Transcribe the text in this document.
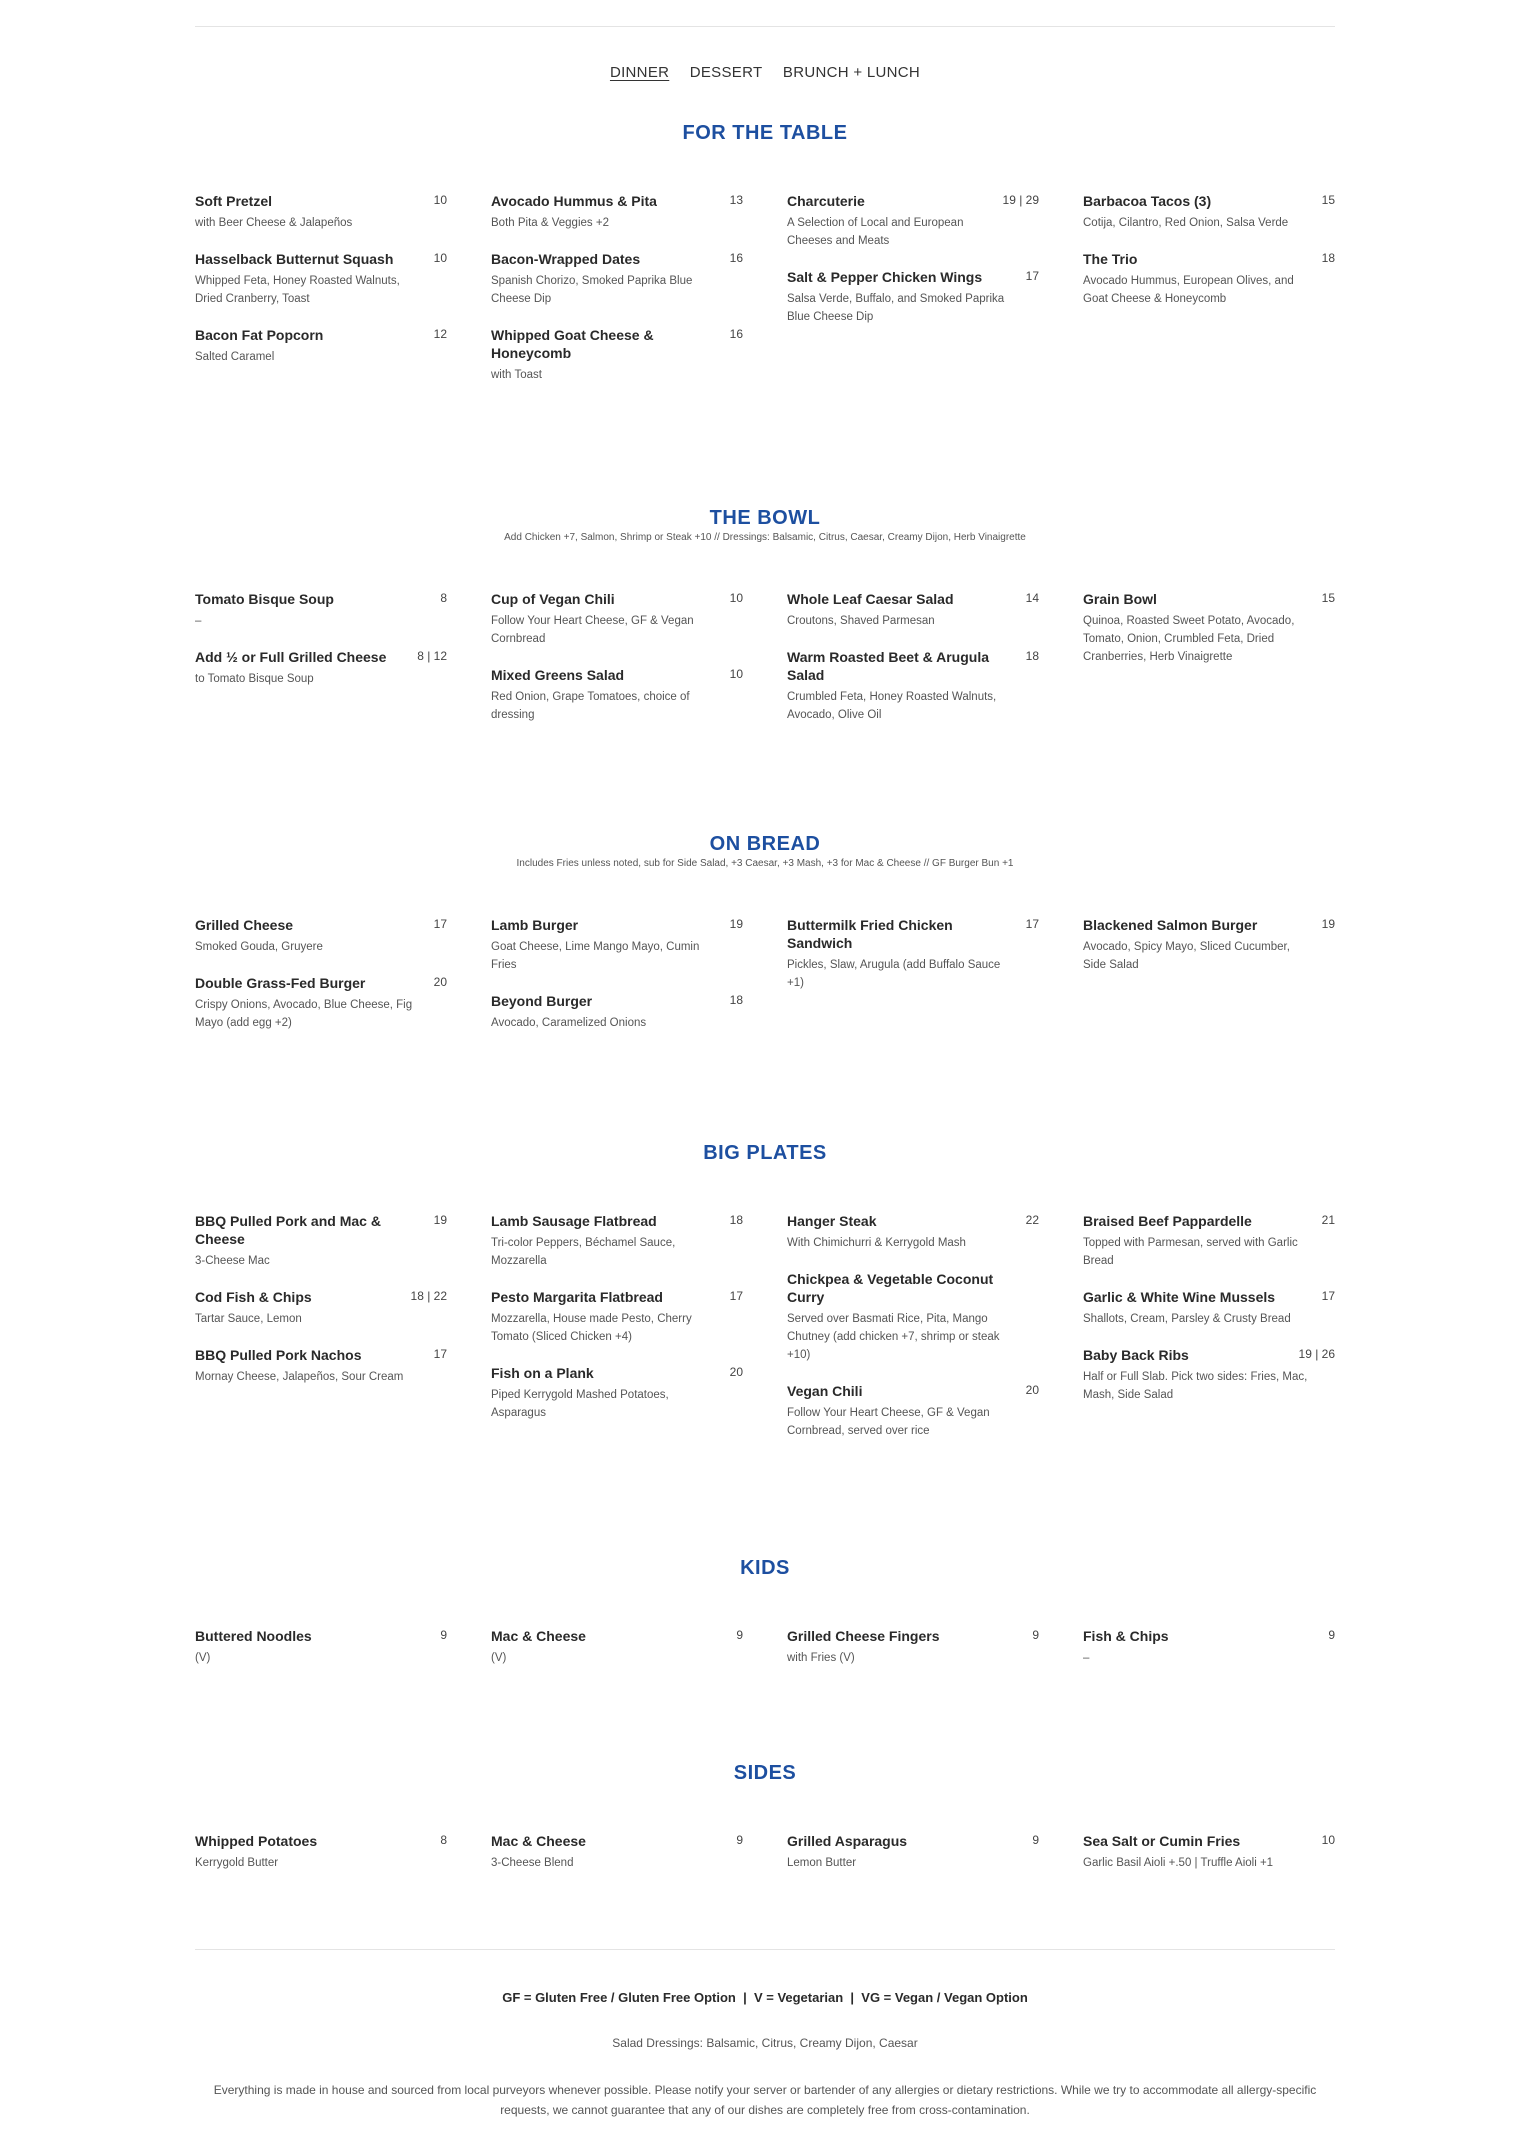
DINNER DESSERT BRUNCH + LUNCH
FOR THE TABLE
Soft Pretzel	10
with Beer Cheese & Jalapeños
Hasselback Butternut Squash	10
Whipped Feta, Honey Roasted Walnuts, Dried Cranberry, Toast
Bacon Fat Popcorn	12
Salted Caramel
Avocado Hummus & Pita	13
Both Pita & Veggies +2
Bacon-Wrapped Dates	16
Spanish Chorizo, Smoked Paprika Blue Cheese Dip
Whipped Goat Cheese & Honeycomb
16
with Toast
Charcuterie	19 | 29
A Selection of Local and European Cheeses and Meats
Salt & Pepper Chicken Wings	17
Salsa Verde, Buffalo, and Smoked Paprika Blue Cheese Dip
Barbacoa Tacos (3)	15
Cotija, Cilantro, Red Onion, Salsa Verde
The Trio	18
Avocado Hummus, European Olives, and Goat Cheese & Honeycomb
THE BOWL
Add Chicken +7, Salmon, Shrimp or Steak +10 // Dressings: Balsamic, Citrus, Caesar, Creamy Dijon, Herb Vinaigrette
Tomato Bisque Soup	8
–
Add ½ or Full Grilled Cheese	8 | 12
to Tomato Bisque Soup
Cup of Vegan Chili	10
Follow Your Heart Cheese, GF & Vegan Cornbread
Mixed Greens Salad	10
Red Onion, Grape Tomatoes, choice of dressing
Whole Leaf Caesar Salad	14
Croutons, Shaved Parmesan
Warm Roasted Beet & Arugula Salad
18
Crumbled Feta, Honey Roasted Walnuts, Avocado, Olive Oil
Grain Bowl	15
Quinoa, Roasted Sweet Potato, Avocado, Tomato, Onion, Crumbled Feta, Dried Cranberries, Herb Vinaigrette
ON BREAD
Includes Fries unless noted, sub for Side Salad, +3 Caesar, +3 Mash, +3 for Mac & Cheese // GF Burger Bun +1
Grilled Cheese	17
Smoked Gouda, Gruyere
Double Grass-Fed Burger	20
Crispy Onions, Avocado, Blue Cheese, Fig Mayo (add egg +2)
Lamb Burger	19
Goat Cheese, Lime Mango Mayo, Cumin Fries
Beyond Burger	18
Avocado, Caramelized Onions
Buttermilk Fried Chicken Sandwich
17
Pickles, Slaw, Arugula (add Buffalo Sauce +1)
Blackened Salmon Burger	19
Avocado, Spicy Mayo, Sliced Cucumber, Side Salad
BIG PLATES
BBQ Pulled Pork and Mac & Cheese
19
3-Cheese Mac
Cod Fish & Chips	18 | 22
Tartar Sauce, Lemon
BBQ Pulled Pork Nachos	17
Mornay Cheese, Jalapeños, Sour Cream
Lamb Sausage Flatbread	18
Tri-color Peppers, Béchamel Sauce, Mozzarella
Pesto Margarita Flatbread	17
Mozzarella, House made Pesto, Cherry Tomato (Sliced Chicken +4)
Fish on a Plank	20
Piped Kerrygold Mashed Potatoes, Asparagus
Hanger Steak	22
With Chimichurri & Kerrygold Mash
Chickpea & Vegetable Coconut Curry
Served over Basmati Rice, Pita, Mango Chutney (add chicken +7, shrimp or steak +10)
Vegan Chili	20
Follow Your Heart Cheese, GF & Vegan Cornbread, served over rice
Braised Beef Pappardelle	21
Topped with Parmesan, served with Garlic Bread
Garlic & White Wine Mussels	17
Shallots, Cream, Parsley & Crusty Bread
Baby Back Ribs	19 | 26
Half or Full Slab. Pick two sides: Fries, Mac, Mash, Side Salad
KIDS
Buttered Noodles	9
(V)
Mac & Cheese	9
(V)
Grilled Cheese Fingers	9
with Fries (V)
Fish & Chips	9
–
SIDES
Whipped Potatoes	8
Kerrygold Butter
Mac & Cheese	9
3-Cheese Blend
Grilled Asparagus	9
Lemon Butter
Sea Salt or Cumin Fries	10
Garlic Basil Aioli +.50 | Truffle Aioli +1
GF = Gluten Free / Gluten Free Option  |  V = Vegetarian  |  VG = Vegan / Vegan Option
Salad Dressings: Balsamic, Citrus, Creamy Dijon, Caesar
Everything is made in house and sourced from local purveyors whenever possible. Please notify your server or bartender of any allergies or dietary restrictions. While we try to accommodate all allergy-specific requests, we cannot guarantee that any of our dishes are completely free from cross-contamination.
